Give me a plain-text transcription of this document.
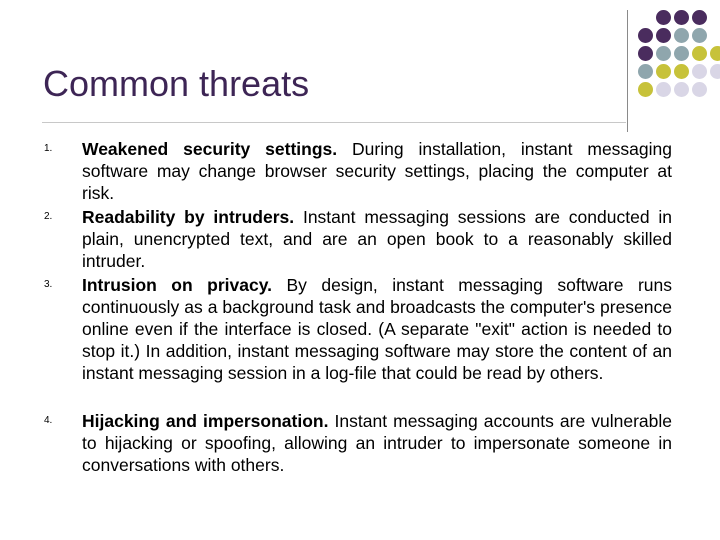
Common threats
1.	Weakened security settings. During installation, instant messaging software may change browser security settings, placing the computer at risk.
2.	Readability by intruders. Instant messaging sessions are conducted in plain, unencrypted text, and are an open book to a reasonably skilled intruder.
3.	Intrusion on privacy. By design, instant messaging software runs continuously as a background task and broadcasts the computer's presence online even if the interface is closed. (A separate "exit" action is needed to stop it.) In addition, instant messaging software may store the content of an instant messaging session in a log-file that could be read by others.
4.	Hijacking and impersonation. Instant messaging accounts are vulnerable to hijacking or spoofing, allowing an intruder to impersonate someone in conversations with others.
